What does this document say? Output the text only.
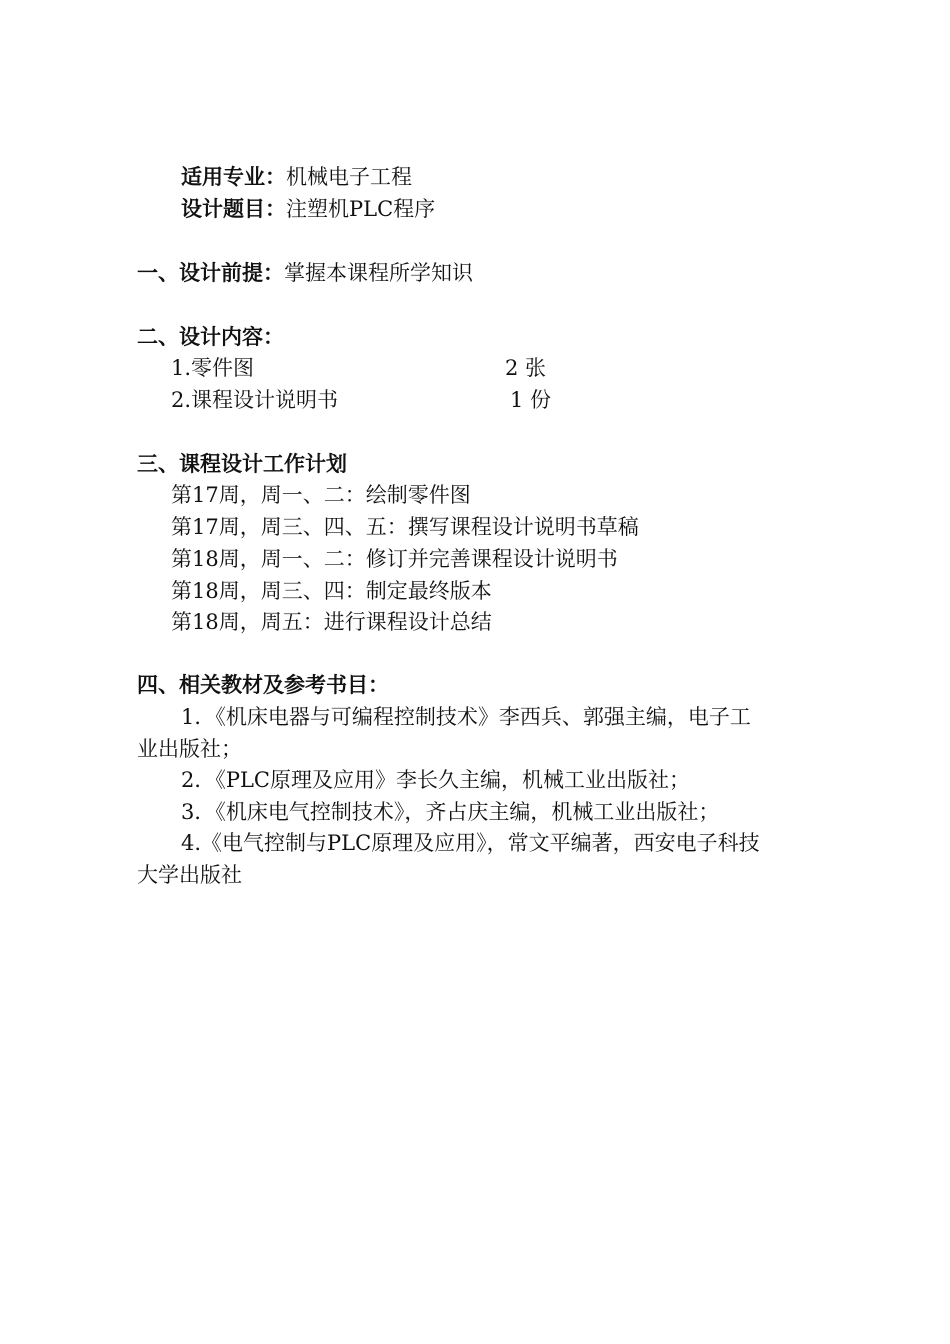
适用专业：机械电子工程
设计题目：注塑机PLC程序
一、设计前提：掌握本课程所学知识
二、设计内容：
1.零件图	2 张
2.课程设计说明书	1 份
三、课程设计工作计划
第17周，周一、二：绘制零件图
第17周，周三、四、五：撰写课程设计说明书草稿
第18周，周一、二：修订并完善课程设计说明书
第18周，周三、四：制定最终版本
第18周，周五：进行课程设计总结
四、相关教材及参考书目：
1．《机床电器与可编程控制技术》李西兵、郭强主编，电子工
业出版社；
2．《PLC原理及应用》李长久主编，机械工业出版社；
3．《机床电气控制技术》，齐占庆主编，机械工业出版社；
4.《电气控制与PLC原理及应用》，常文平编著，西安电子科技
大学出版社
